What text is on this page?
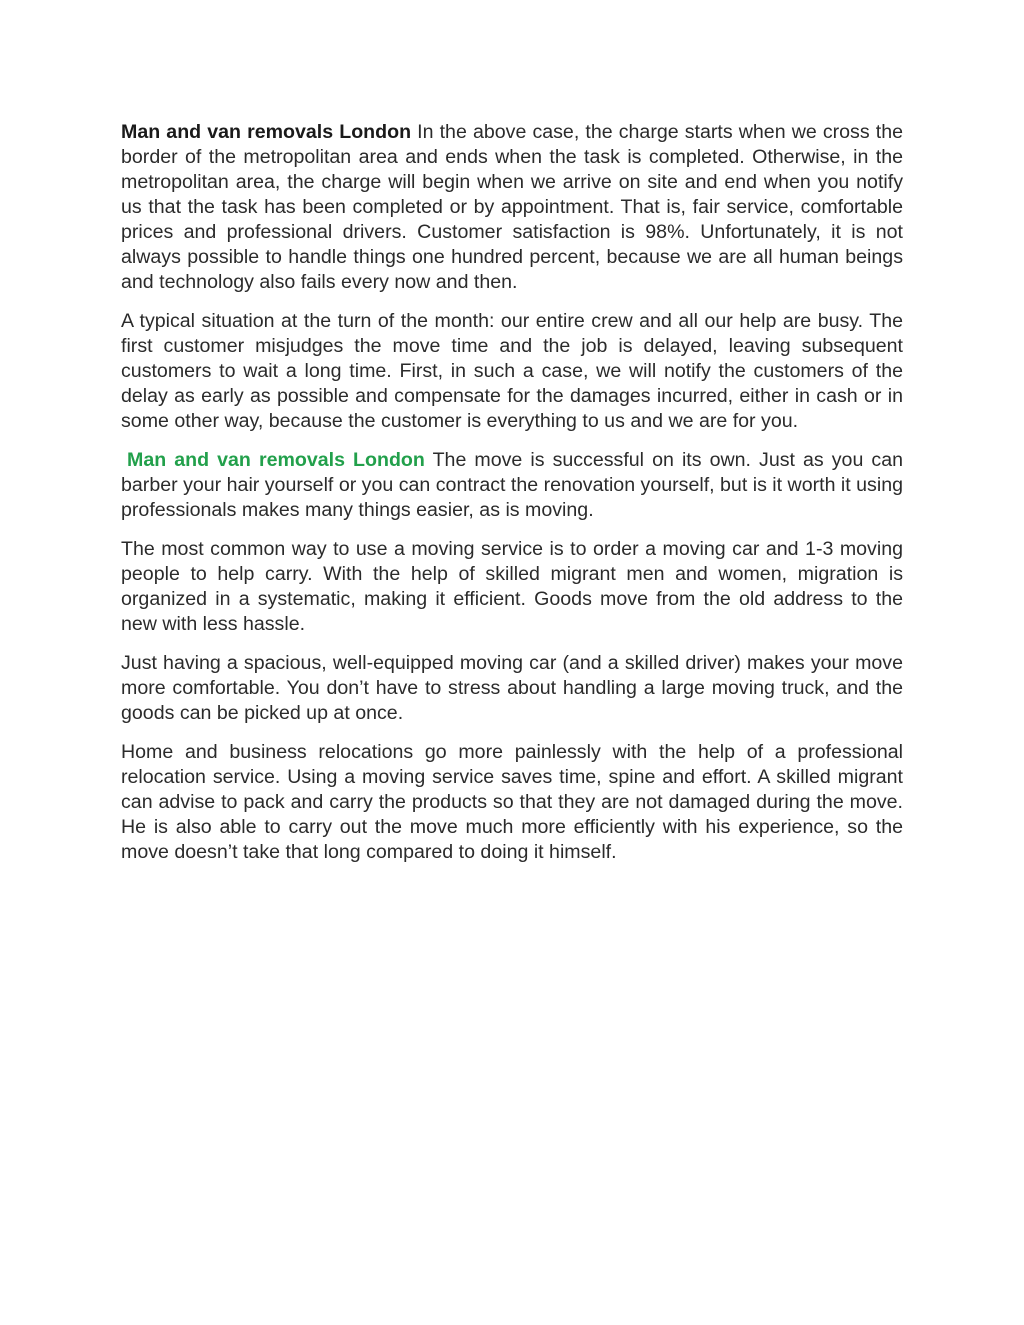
Man and van removals London In the above case, the charge starts when we cross the border of the metropolitan area and ends when the task is completed. Otherwise, in the metropolitan area, the charge will begin when we arrive on site and end when you notify us that the task has been completed or by appointment. That is, fair service, comfortable prices and professional drivers. Customer satisfaction is 98%. Unfortunately, it is not always possible to handle things one hundred percent, because we are all human beings and technology also fails every now and then.

A typical situation at the turn of the month: our entire crew and all our help are busy. The first customer misjudges the move time and the job is delayed, leaving subsequent customers to wait a long time. First, in such a case, we will notify the customers of the delay as early as possible and compensate for the damages incurred, either in cash or in some other way, because the customer is everything to us and we are for you.

Man and van removals London The move is successful on its own. Just as you can barber your hair yourself or you can contract the renovation yourself, but is it worth it using professionals makes many things easier, as is moving.

The most common way to use a moving service is to order a moving car and 1-3 moving people to help carry. With the help of skilled migrant men and women, migration is organized in a systematic, making it efficient. Goods move from the old address to the new with less hassle.

Just having a spacious, well-equipped moving car (and a skilled driver) makes your move more comfortable. You don’t have to stress about handling a large moving truck, and the goods can be picked up at once.

Home and business relocations go more painlessly with the help of a professional relocation service. Using a moving service saves time, spine and effort. A skilled migrant can advise to pack and carry the products so that they are not damaged during the move. He is also able to carry out the move much more efficiently with his experience, so the move doesn’t take that long compared to doing it himself.
